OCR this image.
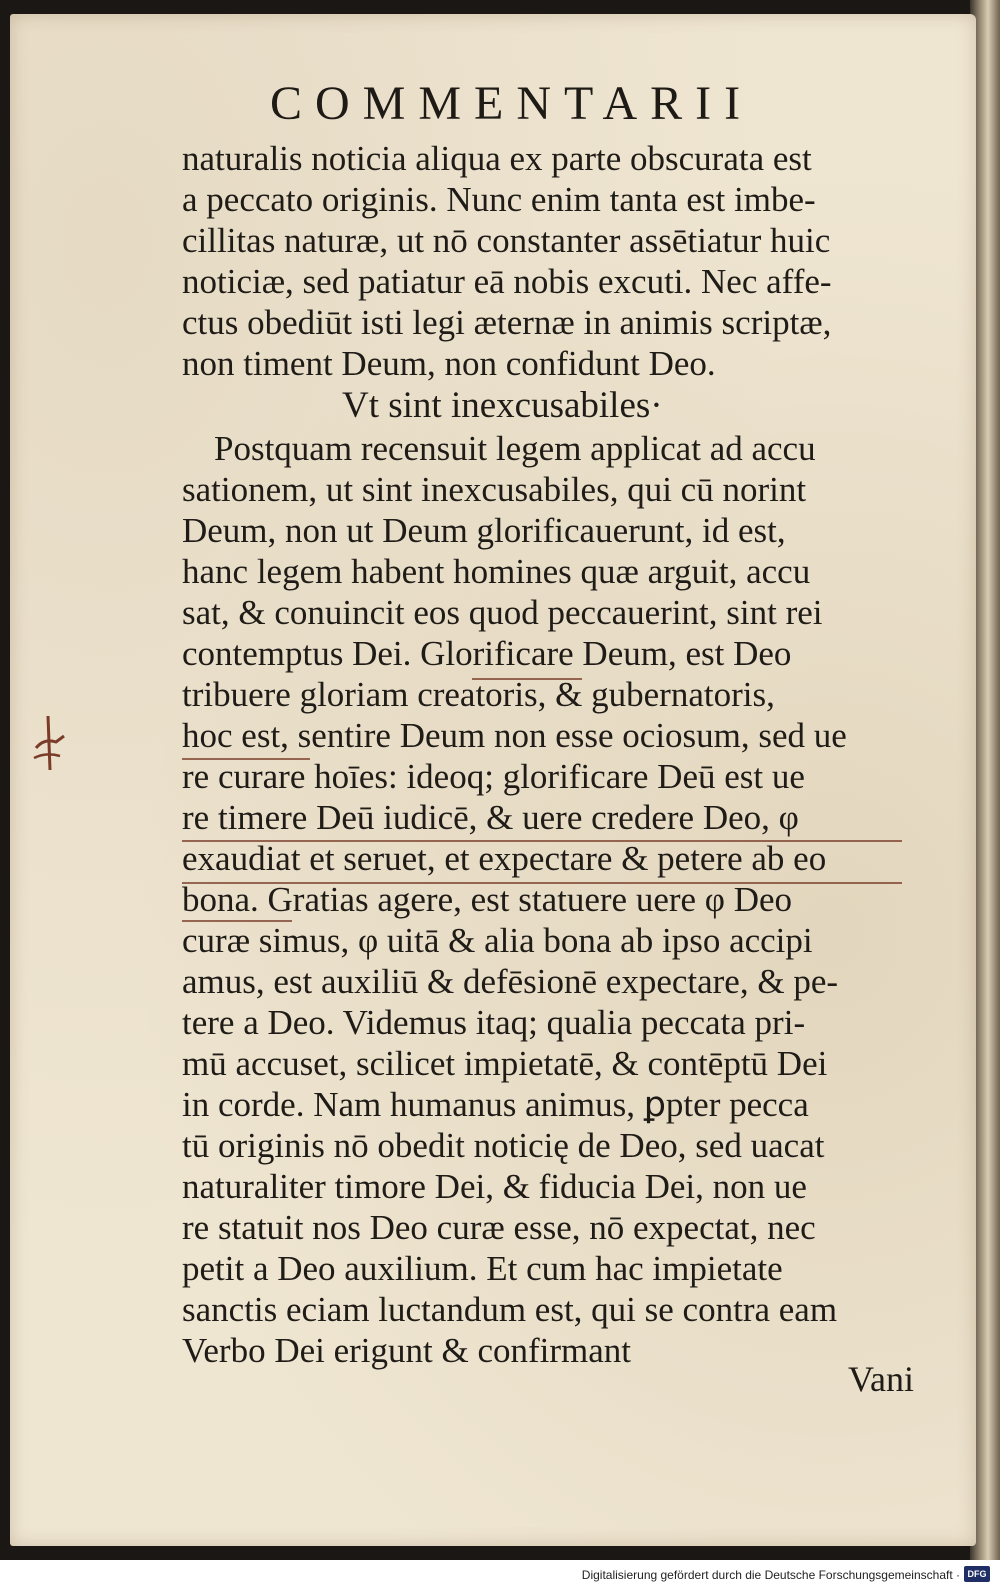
COMMENTARII
naturalis noticia aliqua ex parte obscurata est
a peccato originis. Nunc enim tanta est imbe-
cillitas naturæ, ut nō constanter assētiatur huic
noticiæ, sed patiatur eā nobis excuti. Nec affe-
ctus obediūt isti legi æternæ in animis scriptæ,
non timent Deum, non confidunt Deo.
Vt sint inexcusabiles·
Postquam recensuit legem applicat ad accu
sationem, ut sint inexcusabiles, qui cū norint
Deum, non ut Deum glorificauerunt, id est,
hanc legem habent homines quæ arguit, accu
sat, & conuincit eos quod peccauerint, sint rei
contemptus Dei. Glorificare Deum, est Deo
tribuere gloriam creatoris, & gubernatoris,
hoc est, sentire Deum non esse ociosum, sed ue
re curare hoīes: ideoq; glorificare Deū est ue
re timere Deū iudicē, & uere credere Deo, φ
exaudiat et seruet, et expectare & petere ab eo
bona. Gratias agere, est statuere uere φ Deo
curæ simus, φ uitā & alia bona ab ipso accipi
amus, est auxiliū & defēsionē expectare, & pe-
tere a Deo. Videmus itaq; qualia peccata pri-
mū accuset, scilicet impietatē, & contēptū Dei
in corde. Nam humanus animus, ꝑpter pecca
tū originis nō obedit noticię de Deo, sed uacat
naturaliter timore Dei, & fiducia Dei, non ue
re statuit nos Deo curæ esse, nō expectat, nec
petit a Deo auxilium. Et cum hac impietate
sanctis eciam luctandum est, qui se contra eam
Verbo Dei erigunt & confirmant
Vani
Digitalisierung gefördert durch die Deutsche Forschungsgemeinschaft · DFG
